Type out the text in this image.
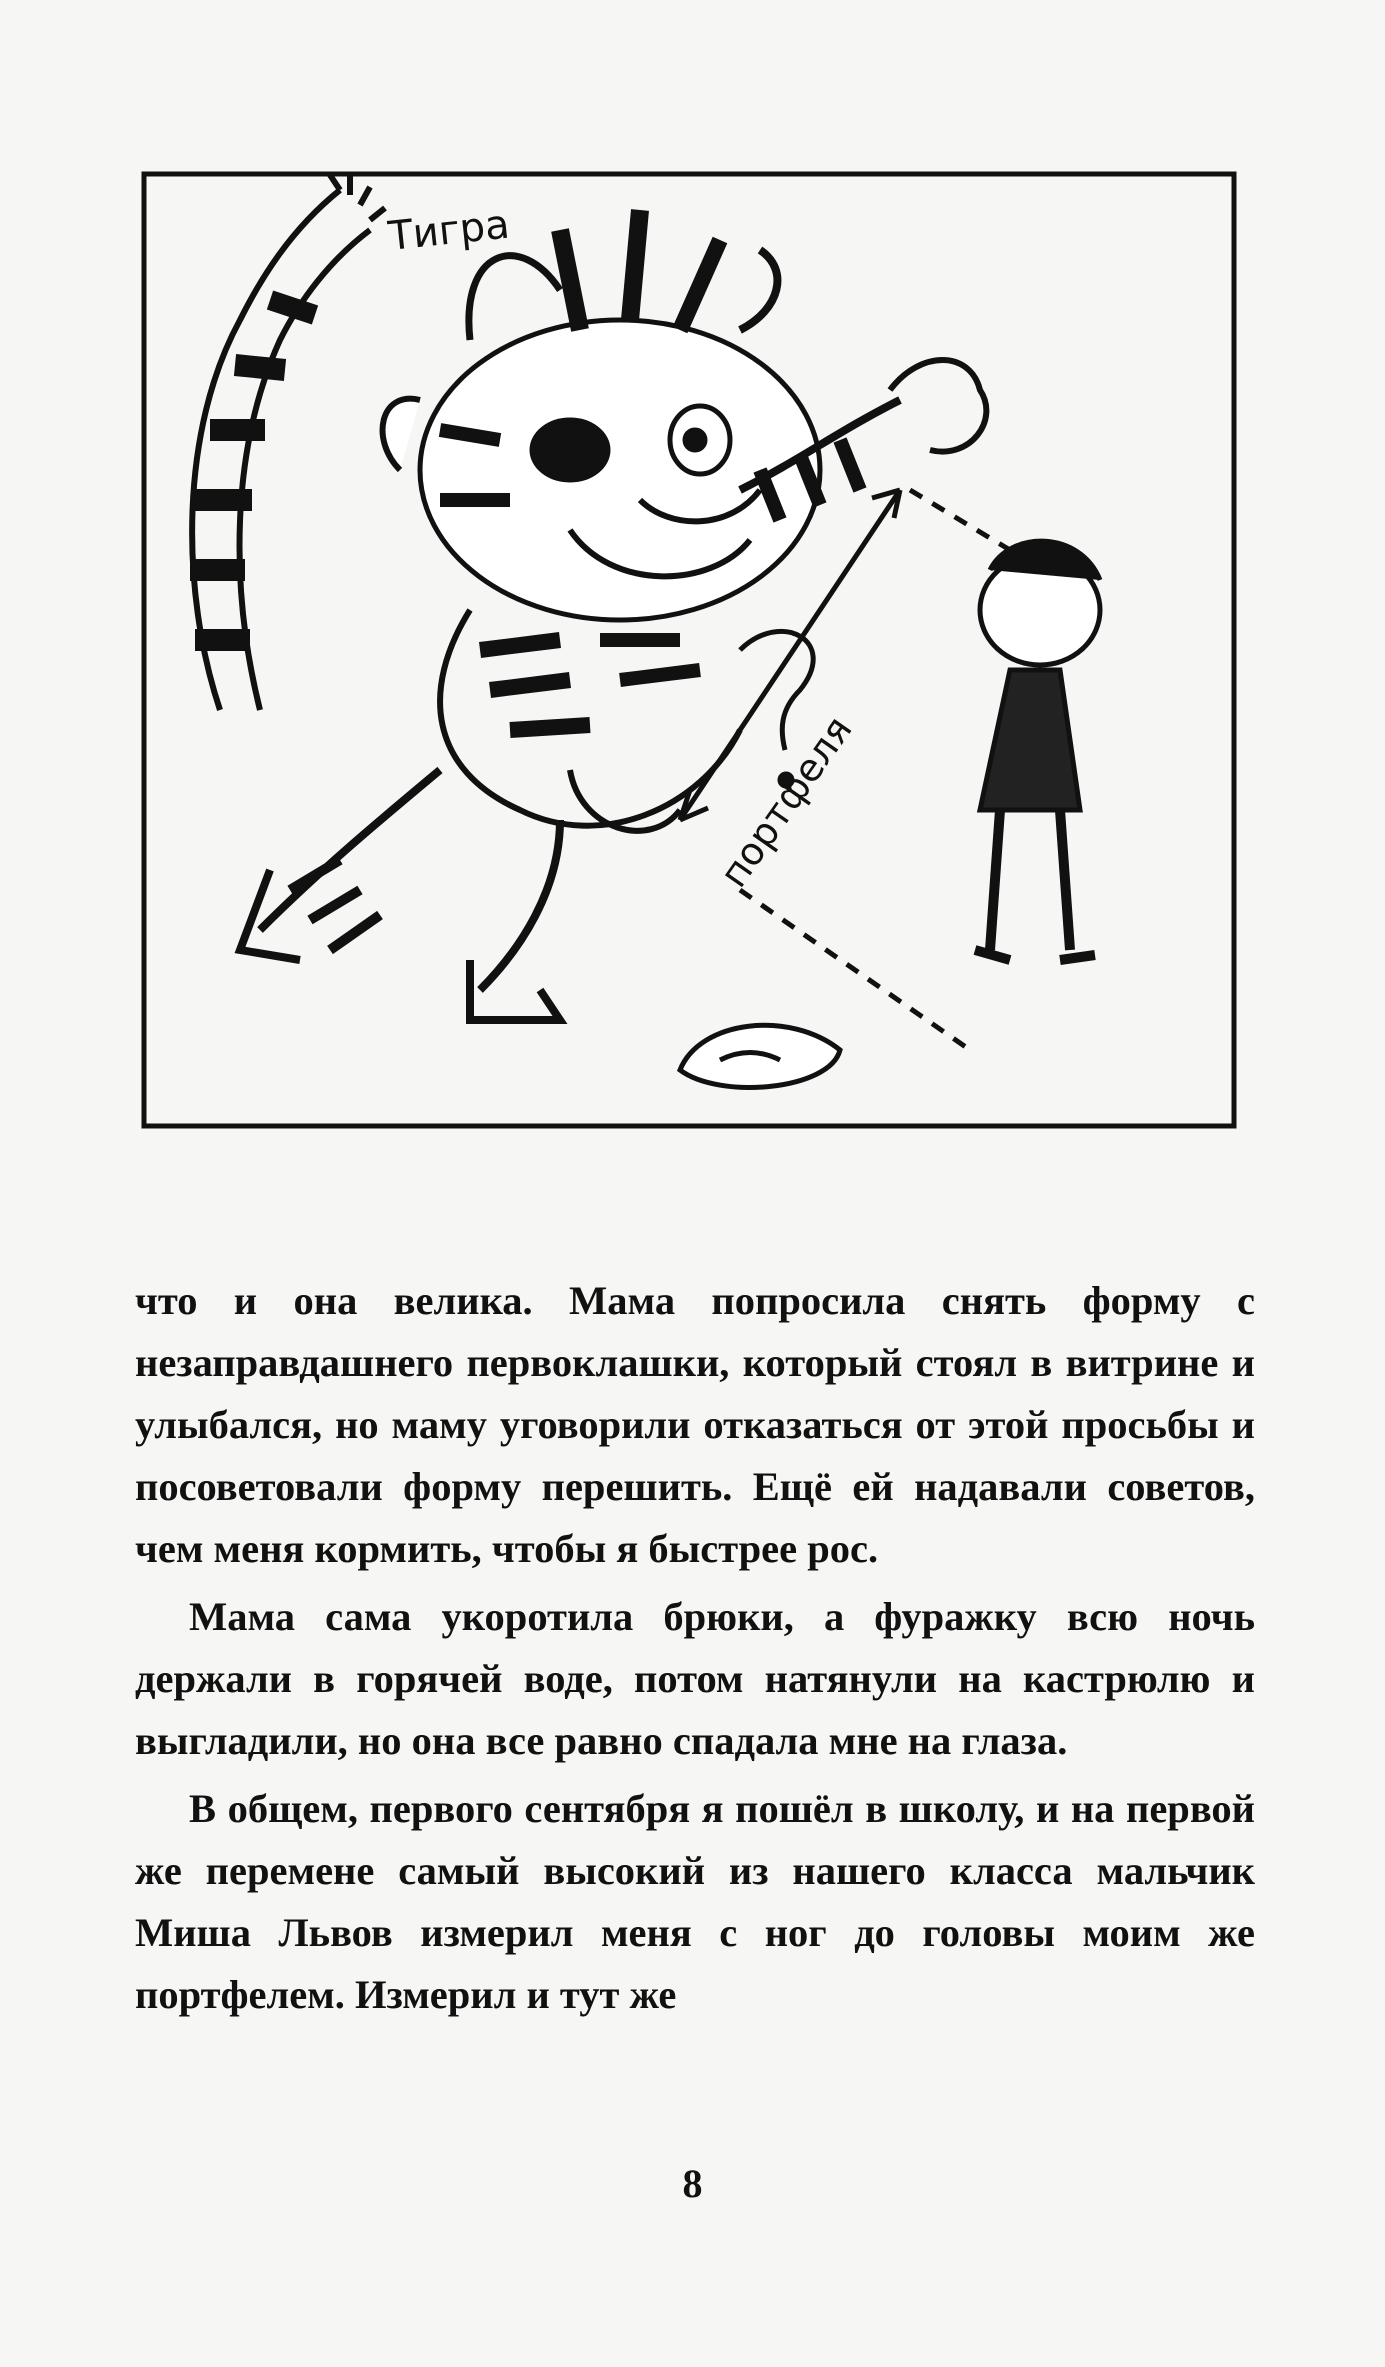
Тигра
портфеля

что и она велика. Мама попросила снять форму с незаправдашнего первоклашки, который стоял в витрине и улыбался, но маму уговорили отказаться от этой просьбы и посоветовали форму перешить. Ещё ей надавали советов, чем меня кормить, чтобы я быстрее рос.

Мама сама укоротила брюки, а фуражку всю ночь держали в горячей воде, потом натянули на кастрюлю и выгладили, но она все равно спадала мне на глаза.

В общем, первого сентября я пошёл в школу, и на первой же перемене самый высокий из нашего класса мальчик Миша Львов измерил меня с ног до головы моим же портфелем. Измерил и тут же

8
